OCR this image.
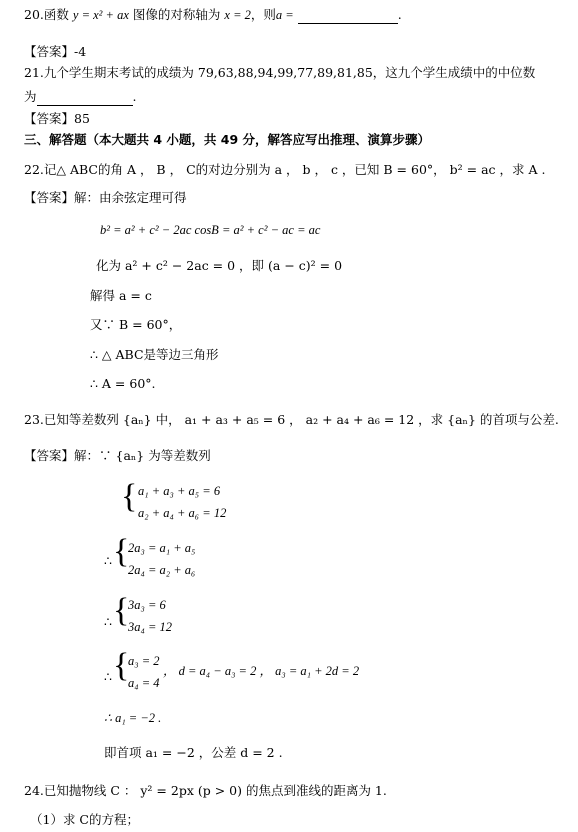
20.函数 y = x² + ax 图像的对称轴为 x = 2，则a =	.
【答案】-4
21.九个学生期末考试的成绩为 79,63,88,94,99,77,89,81,85，这九个学生成绩中的中位数
为	.
【答案】85
三、解答题（本大题共 4 小题，共 49 分，解答应写出推理、演算步骤）
22.记△ ABC的角 A ， B ， C的对边分别为 a ， b ， c ，已知 B = 60°， b² = ac ，求 A .
【答案】解：由余弦定理可得
b² = a² + c² − 2ac cosB = a² + c² − ac = ac
化为 a² + c² − 2ac = 0 ，即 (a − c)² = 0
解得 a = c
又∵ B = 60°，
∴ △ ABC是等边三角形
∴ A = 60°.
23.已知等差数列 {aₙ} 中， a₁ + a₃ + a₅ = 6 ， a₂ + a₄ + a₆ = 12 ，求 {aₙ} 的首项与公差.
【答案】解：∵ {aₙ} 为等差数列
{ a₁ + a₃ + a₅ = 6
a₂ + a₄ + a₆ = 12
∴ {
2a₃ = a₁ + a₅
2a₄ = a₂ + a₆
∴ {
3a₃ = 6
3a₄ = 12
∴ {
a₃ = 2
a₄ = 4
， d = a₄ − a₃ = 2 ， a₃ = a₁ + 2d = 2
∴ a₁ = −2 .
即首项 a₁ = −2 ，公差 d = 2 .
24.已知抛物线 C ： y² = 2px (p > 0) 的焦点到准线的距离为 1.
（1）求 C的方程；
